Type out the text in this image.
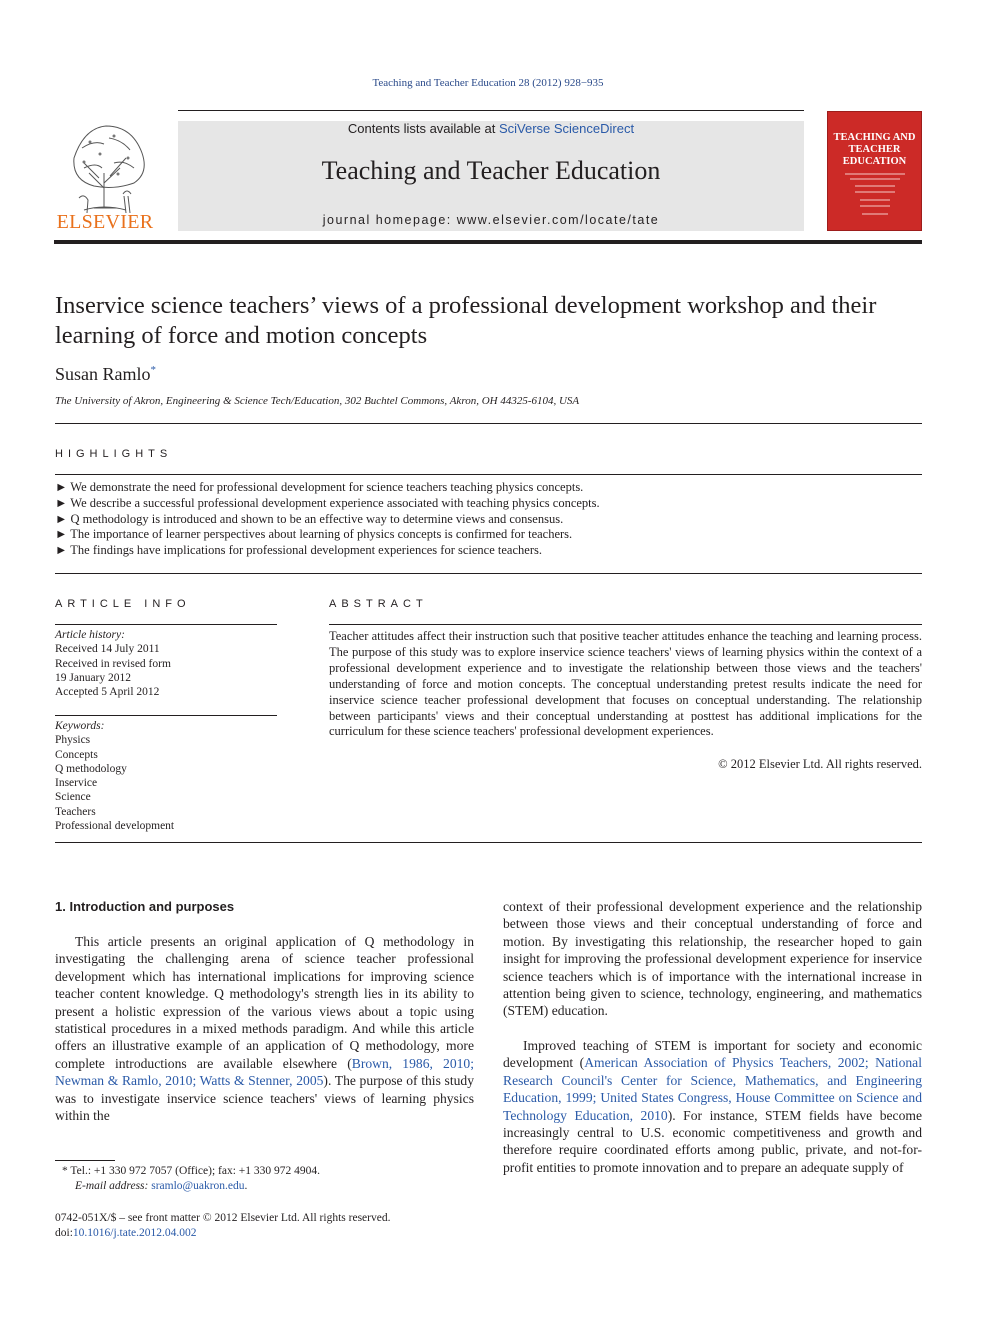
Teaching and Teacher Education 28 (2012) 928−935
ELSEVIER
Contents lists available at SciVerse ScienceDirect
Teaching and Teacher Education
journal homepage: www.elsevier.com/locate/tate
TEACHING AND TEACHER EDUCATION
Inservice science teachers’ views of a professional development workshop and their learning of force and motion concepts
Susan Ramlo*
The University of Akron, Engineering & Science Tech/Education, 302 Buchtel Commons, Akron, OH 44325-6104, USA
HIGHLIGHTS
► We demonstrate the need for professional development for science teachers teaching physics concepts.
► We describe a successful professional development experience associated with teaching physics concepts.
► Q methodology is introduced and shown to be an effective way to determine views and consensus.
► The importance of learner perspectives about learning of physics concepts is confirmed for teachers.
► The findings have implications for professional development experiences for science teachers.
ARTICLE INFO
Article history:
Received 14 July 2011
Received in revised form
19 January 2012
Accepted 5 April 2012
Keywords:
Physics
Concepts
Q methodology
Inservice
Science
Teachers
Professional development
ABSTRACT
Teacher attitudes affect their instruction such that positive teacher attitudes enhance the teaching and learning process. The purpose of this study was to explore inservice science teachers' views of learning physics within the context of a professional development experience and to investigate the relationship between those views and the teachers' understanding of force and motion concepts. The conceptual understanding pretest results indicate the need for inservice science teacher professional development that focuses on conceptual understanding. The relationship between participants' views and their conceptual understanding at posttest has additional implications for the curriculum for these science teachers' professional development experiences.
© 2012 Elsevier Ltd. All rights reserved.
1. Introduction and purposes
This article presents an original application of Q methodology in investigating the challenging arena of science teacher professional development which has international implications for improving science teacher content knowledge. Q methodology's strength lies in its ability to present a holistic expression of the various views about a topic using statistical procedures in a mixed methods paradigm. And while this article offers an illustrative example of an application of Q methodology, more complete introductions are available elsewhere (Brown, 1986, 2010; Newman & Ramlo, 2010; Watts & Stenner, 2005). The purpose of this study was to investigate inservice science teachers' views of learning physics within the
context of their professional development experience and the relationship between those views and their conceptual understanding of force and motion. By investigating this relationship, the researcher hoped to gain insight for improving the professional development experience for inservice science teachers which is of importance with the international increase in attention being given to science, technology, engineering, and mathematics (STEM) education.
Improved teaching of STEM is important for society and economic development (American Association of Physics Teachers, 2002; National Research Council's Center for Science, Mathematics, and Engineering Education, 1999; United States Congress, House Committee on Science and Technology Education, 2010). For instance, STEM fields have become increasingly central to U.S. economic competitiveness and growth and therefore require coordinated efforts among public, private, and not-for-profit entities to promote innovation and to prepare an adequate supply of
* Tel.: +1 330 972 7057 (Office); fax: +1 330 972 4904.
E-mail address: sramlo@uakron.edu.
0742-051X/$ – see front matter © 2012 Elsevier Ltd. All rights reserved.
doi:10.1016/j.tate.2012.04.002
